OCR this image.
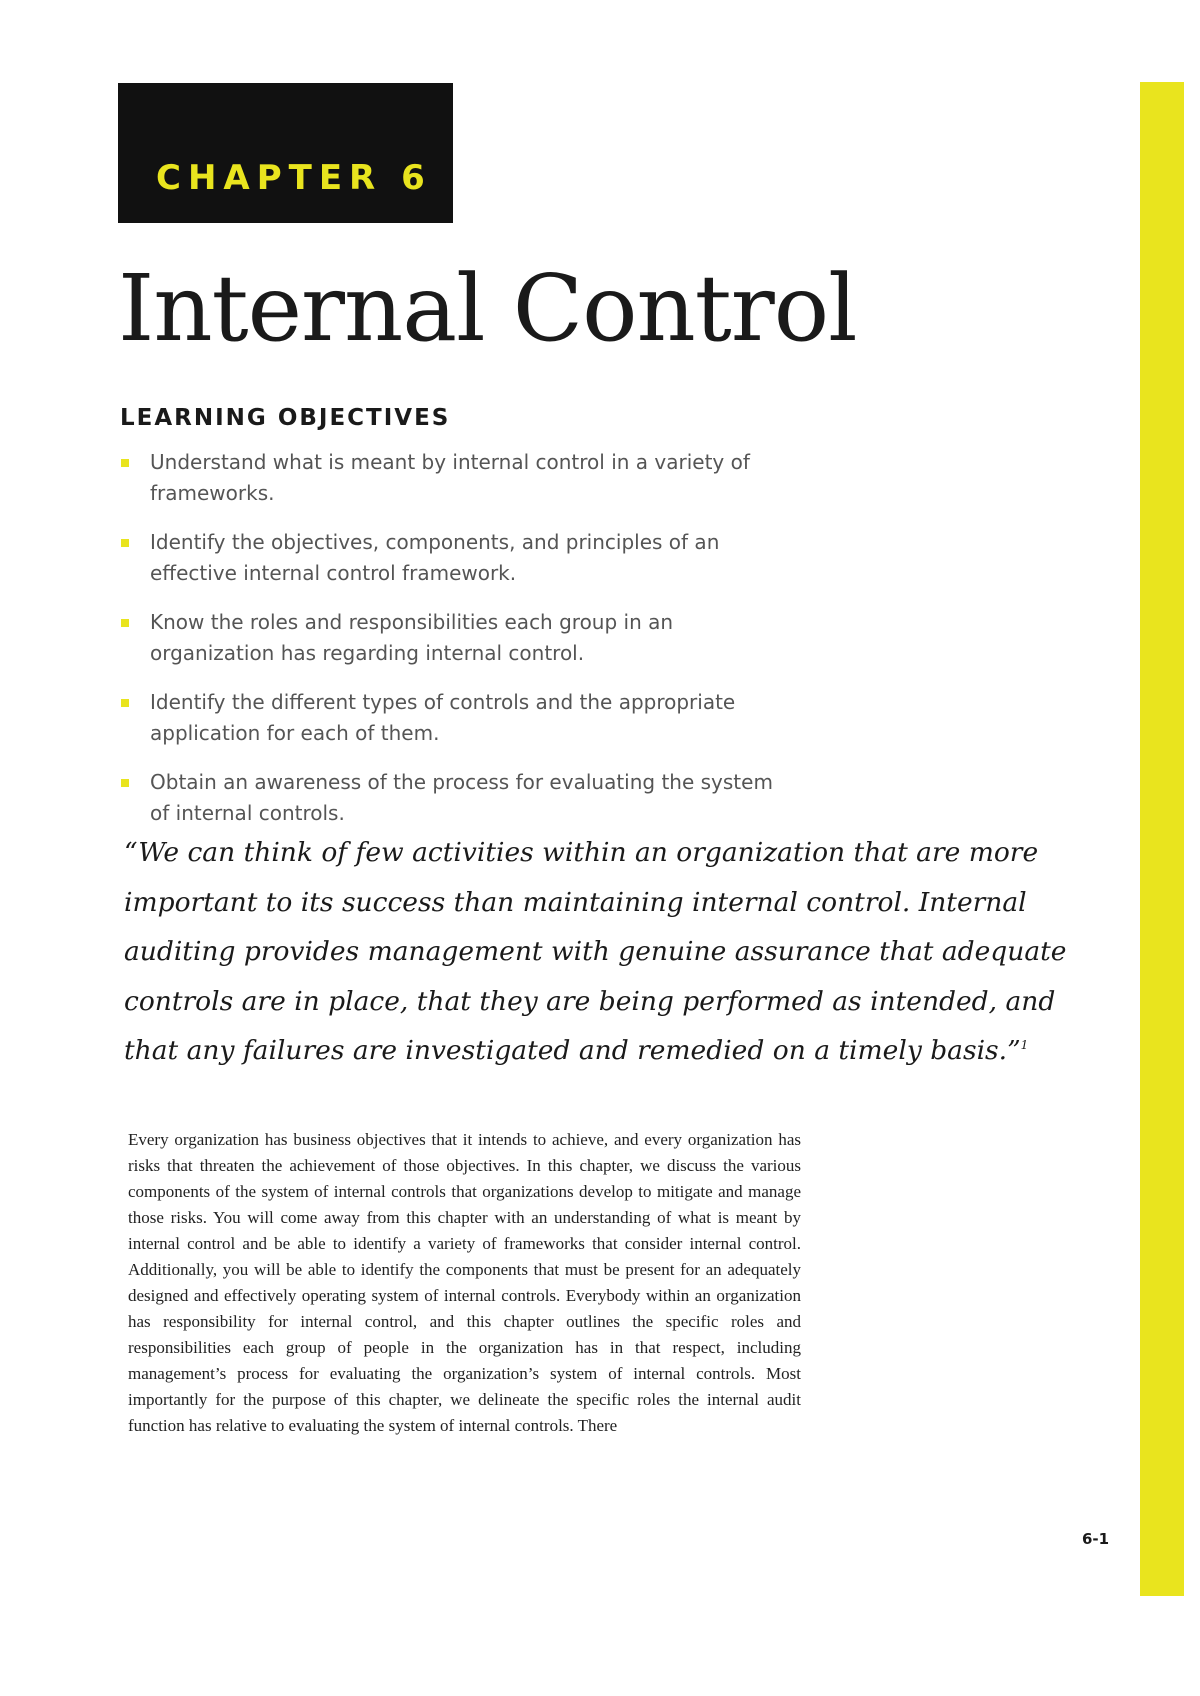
CHAPTER 6
Internal Control
LEARNING OBJECTIVES
Understand what is meant by internal control in a variety of frameworks.
Identify the objectives, components, and principles of an effective internal control framework.
Know the roles and responsibilities each group in an organization has regarding internal control.
Identify the different types of controls and the appropriate application for each of them.
Obtain an awareness of the process for evaluating the system of internal controls.
“We can think of few activities within an organization that are more important to its success than maintaining internal control. Internal auditing provides management with genuine assurance that adequate controls are in place, that they are being performed as intended, and that any failures are investigated and remedied on a timely basis.”$^1$

Every organization has business objectives that it intends to achieve, and every organization has risks that threaten the achievement of those objectives. In this chapter, we discuss the various components of the system of internal controls that organizations develop to mitigate and manage those risks. You will come away from this chapter with an understanding of what is meant by internal control and be able to identify a variety of frameworks that consider internal control. Additionally, you will be able to identify the components that must be present for an adequately designed and effectively operating system of internal controls. Everybody within an organization has responsibility for internal control, and this chapter outlines the specific roles and responsibilities each group of people in the organization has in that respect, including management’s process for evaluating the organization’s system of internal controls. Most importantly for the purpose of this chapter, we delineate the specific roles the internal audit function has relative to evaluating the system of internal controls. There

6-1
